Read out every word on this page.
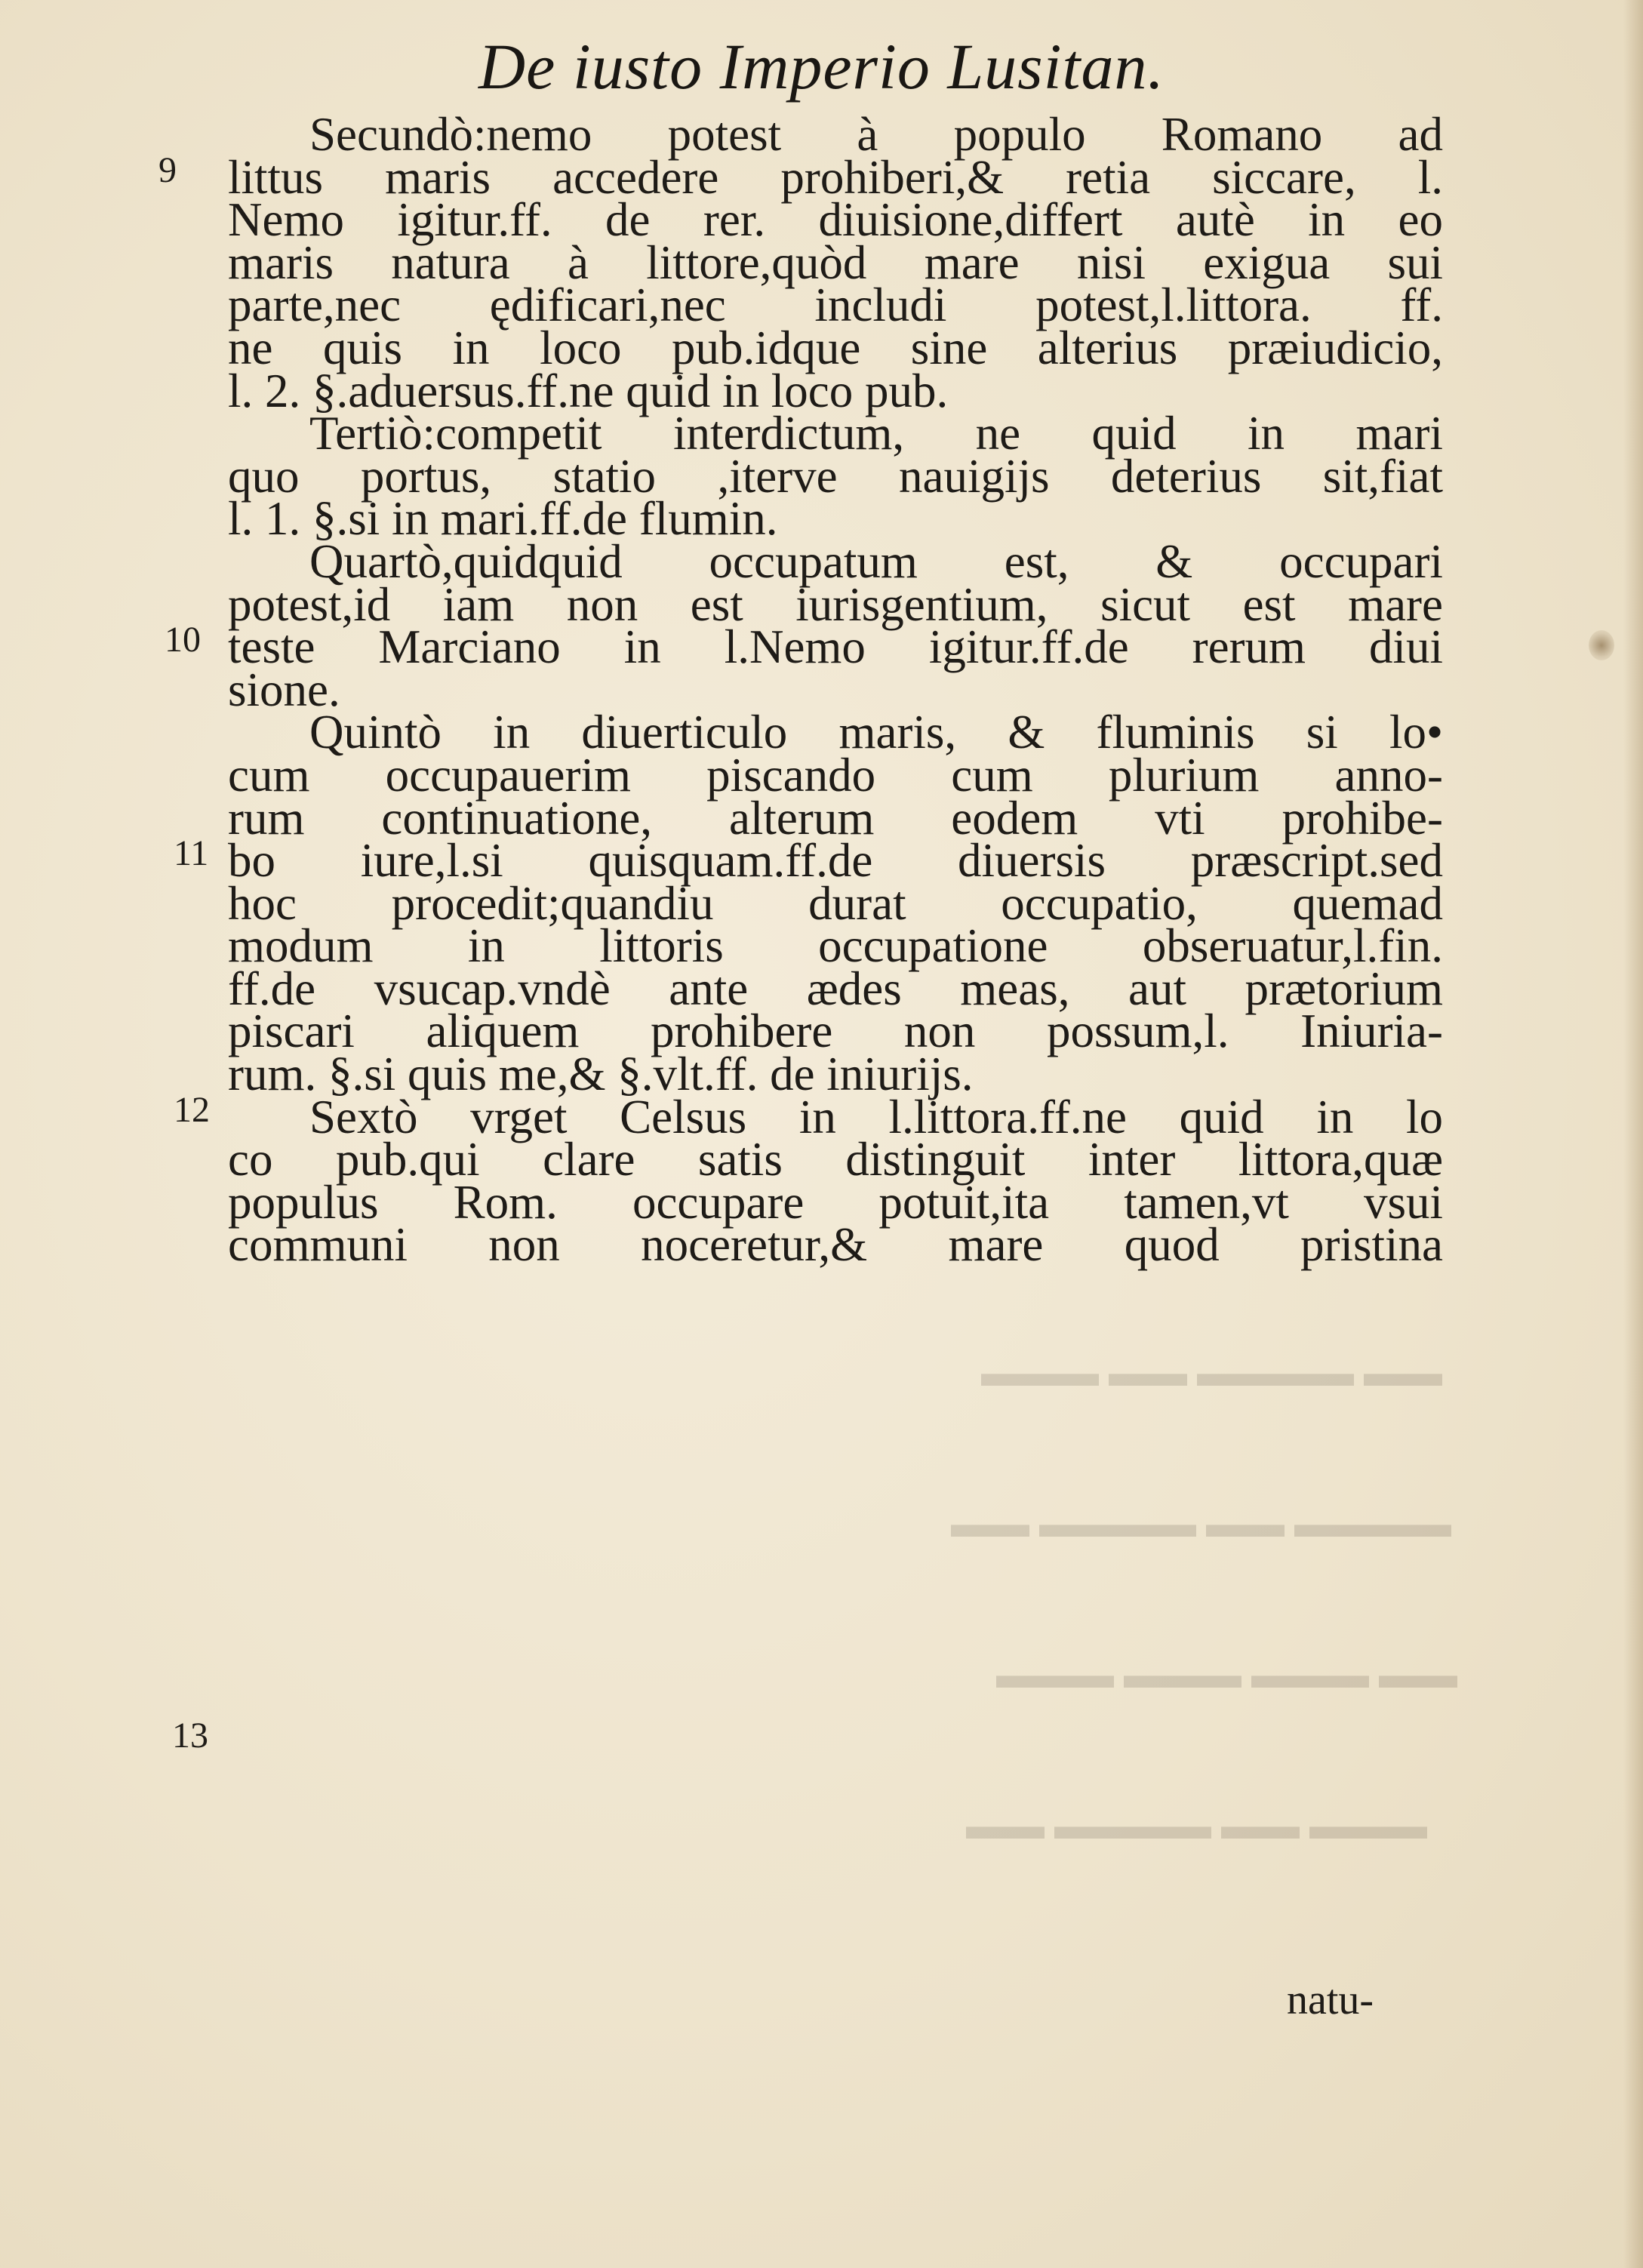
▬▬ ▬▬▬▬ ▬▬ ▬▬▬
▬▬▬▬ ▬▬ ▬▬▬▬ ▬▬
▬▬ ▬▬▬ ▬▬▬ ▬▬▬
▬▬▬ ▬▬ ▬▬▬▬ ▬▬
De iusto Imperio Lusitan.
9
10
11
12
13
Secundò:nemo potest à populo Romano ad
littus maris accedere prohiberi,& retia siccare, l.
Nemo igitur.ff. de rer. diuisione,differt autè in eo
maris natura à littore,quòd mare nisi exigua sui
parte,nec ędificari,nec includi potest,l.littora. ff.
ne quis in loco pub.idque sine alterius præiudicio,
l. 2. §.aduersus.ff.ne quid in loco pub.
Tertiò:competit interdictum, ne quid in mari
quo portus, statio ,iterve nauigijs deterius sit,fiat
l. 1. §.si in mari.ff.de flumin.
Quartò,quidquid occupatum est, & occupari
potest,id iam non est iurisgentium, sicut est mare
teste Marciano in l.Nemo igitur.ff.de rerum diui
sione.
Quintò in diuerticulo maris, & fluminis si lo•
cum occupauerim piscando cum plurium anno-
rum continuatione, alterum eodem vti prohibe-
bo iure,l.si quisquam.ff.de diuersis præscript.sed
hoc procedit;quandiu durat occupatio, quemad
modum in littoris occupatione obseruatur,l.fin.
ff.de vsucap.vndè ante ædes meas, aut prætorium
piscari aliquem prohibere non possum,l. Iniuria-
rum. §.si quis me,& §.vlt.ff. de iniurijs.
Sextò vrget Celsus in l.littora.ff.ne quid in lo
co pub.qui clare satis distinguit inter littora,quæ
populus Rom. occupare potuit,ita tamen,vt vsui
communi non noceretur,& mare quod pristina
natu-
